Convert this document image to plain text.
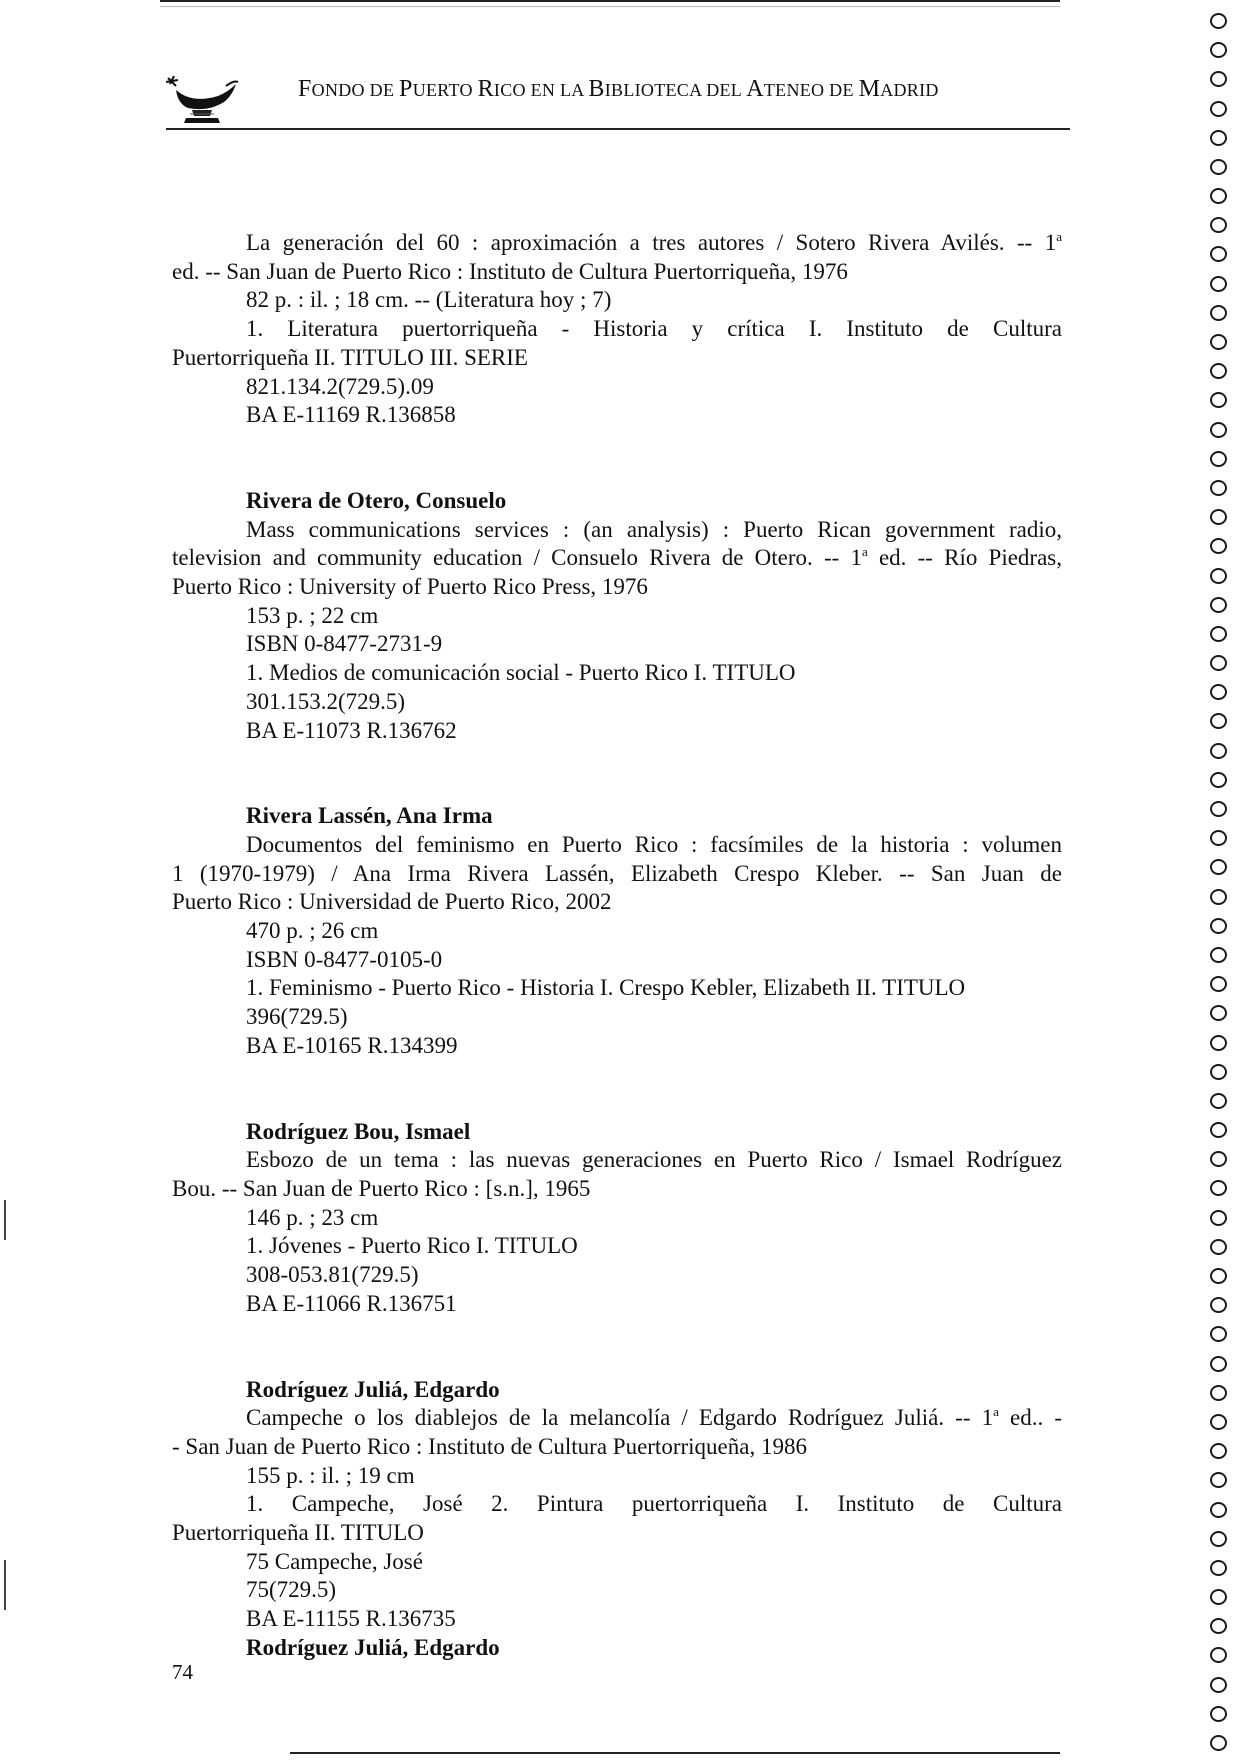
FONDO DE PUERTO RICO EN LA BIBLIOTECA DEL ATENEO DE MADRID

La generación del 60 : aproximación a tres autores / Sotero Rivera Avilés. -- 1$^a$

ed. -- San Juan de Puerto Rico : Instituto de Cultura Puertorriqueña, 1976

82 p. : il. ; 18 cm. -- (Literatura hoy ; 7)

1. Literatura puertorriqueña - Historia y crítica I. Instituto de Cultura

Puertorriqueña II. TITULO III. SERIE

821.134.2(729.5).09

BA E-11169 R.136858

Rivera de Otero, Consuelo

Mass communications services : (an analysis) : Puerto Rican government radio,

television and community education / Consuelo Rivera de Otero. -- 1$^a$ ed. -- Río Piedras,

Puerto Rico : University of Puerto Rico Press, 1976

153 p. ; 22 cm

ISBN 0-8477-2731-9

1. Medios de comunicación social - Puerto Rico I. TITULO

301.153.2(729.5)

BA E-11073 R.136762

Rivera Lassén, Ana Irma

Documentos del feminismo en Puerto Rico : facsímiles de la historia : volumen

1 (1970-1979) / Ana Irma Rivera Lassén, Elizabeth Crespo Kleber. -- San Juan de

Puerto Rico : Universidad de Puerto Rico, 2002

470 p. ; 26 cm

ISBN 0-8477-0105-0

1. Feminismo - Puerto Rico - Historia I. Crespo Kebler, Elizabeth II. TITULO

396(729.5)

BA E-10165 R.134399

Rodríguez Bou, Ismael

Esbozo de un tema : las nuevas generaciones en Puerto Rico / Ismael Rodríguez

Bou. -- San Juan de Puerto Rico : [s.n.], 1965

146 p. ; 23 cm

1. Jóvenes - Puerto Rico I. TITULO

308-053.81(729.5)

BA E-11066 R.136751

Rodríguez Juliá, Edgardo

Campeche o los diablejos de la melancolía / Edgardo Rodríguez Juliá. -- 1$^a$ ed.. -

- San Juan de Puerto Rico : Instituto de Cultura Puertorriqueña, 1986

155 p. : il. ; 19 cm

1. Campeche, José 2. Pintura puertorriqueña I. Instituto de Cultura

Puertorriqueña II. TITULO

75 Campeche, José

75(729.5)

BA E-11155 R.136735

Rodríguez Juliá, Edgardo

74
